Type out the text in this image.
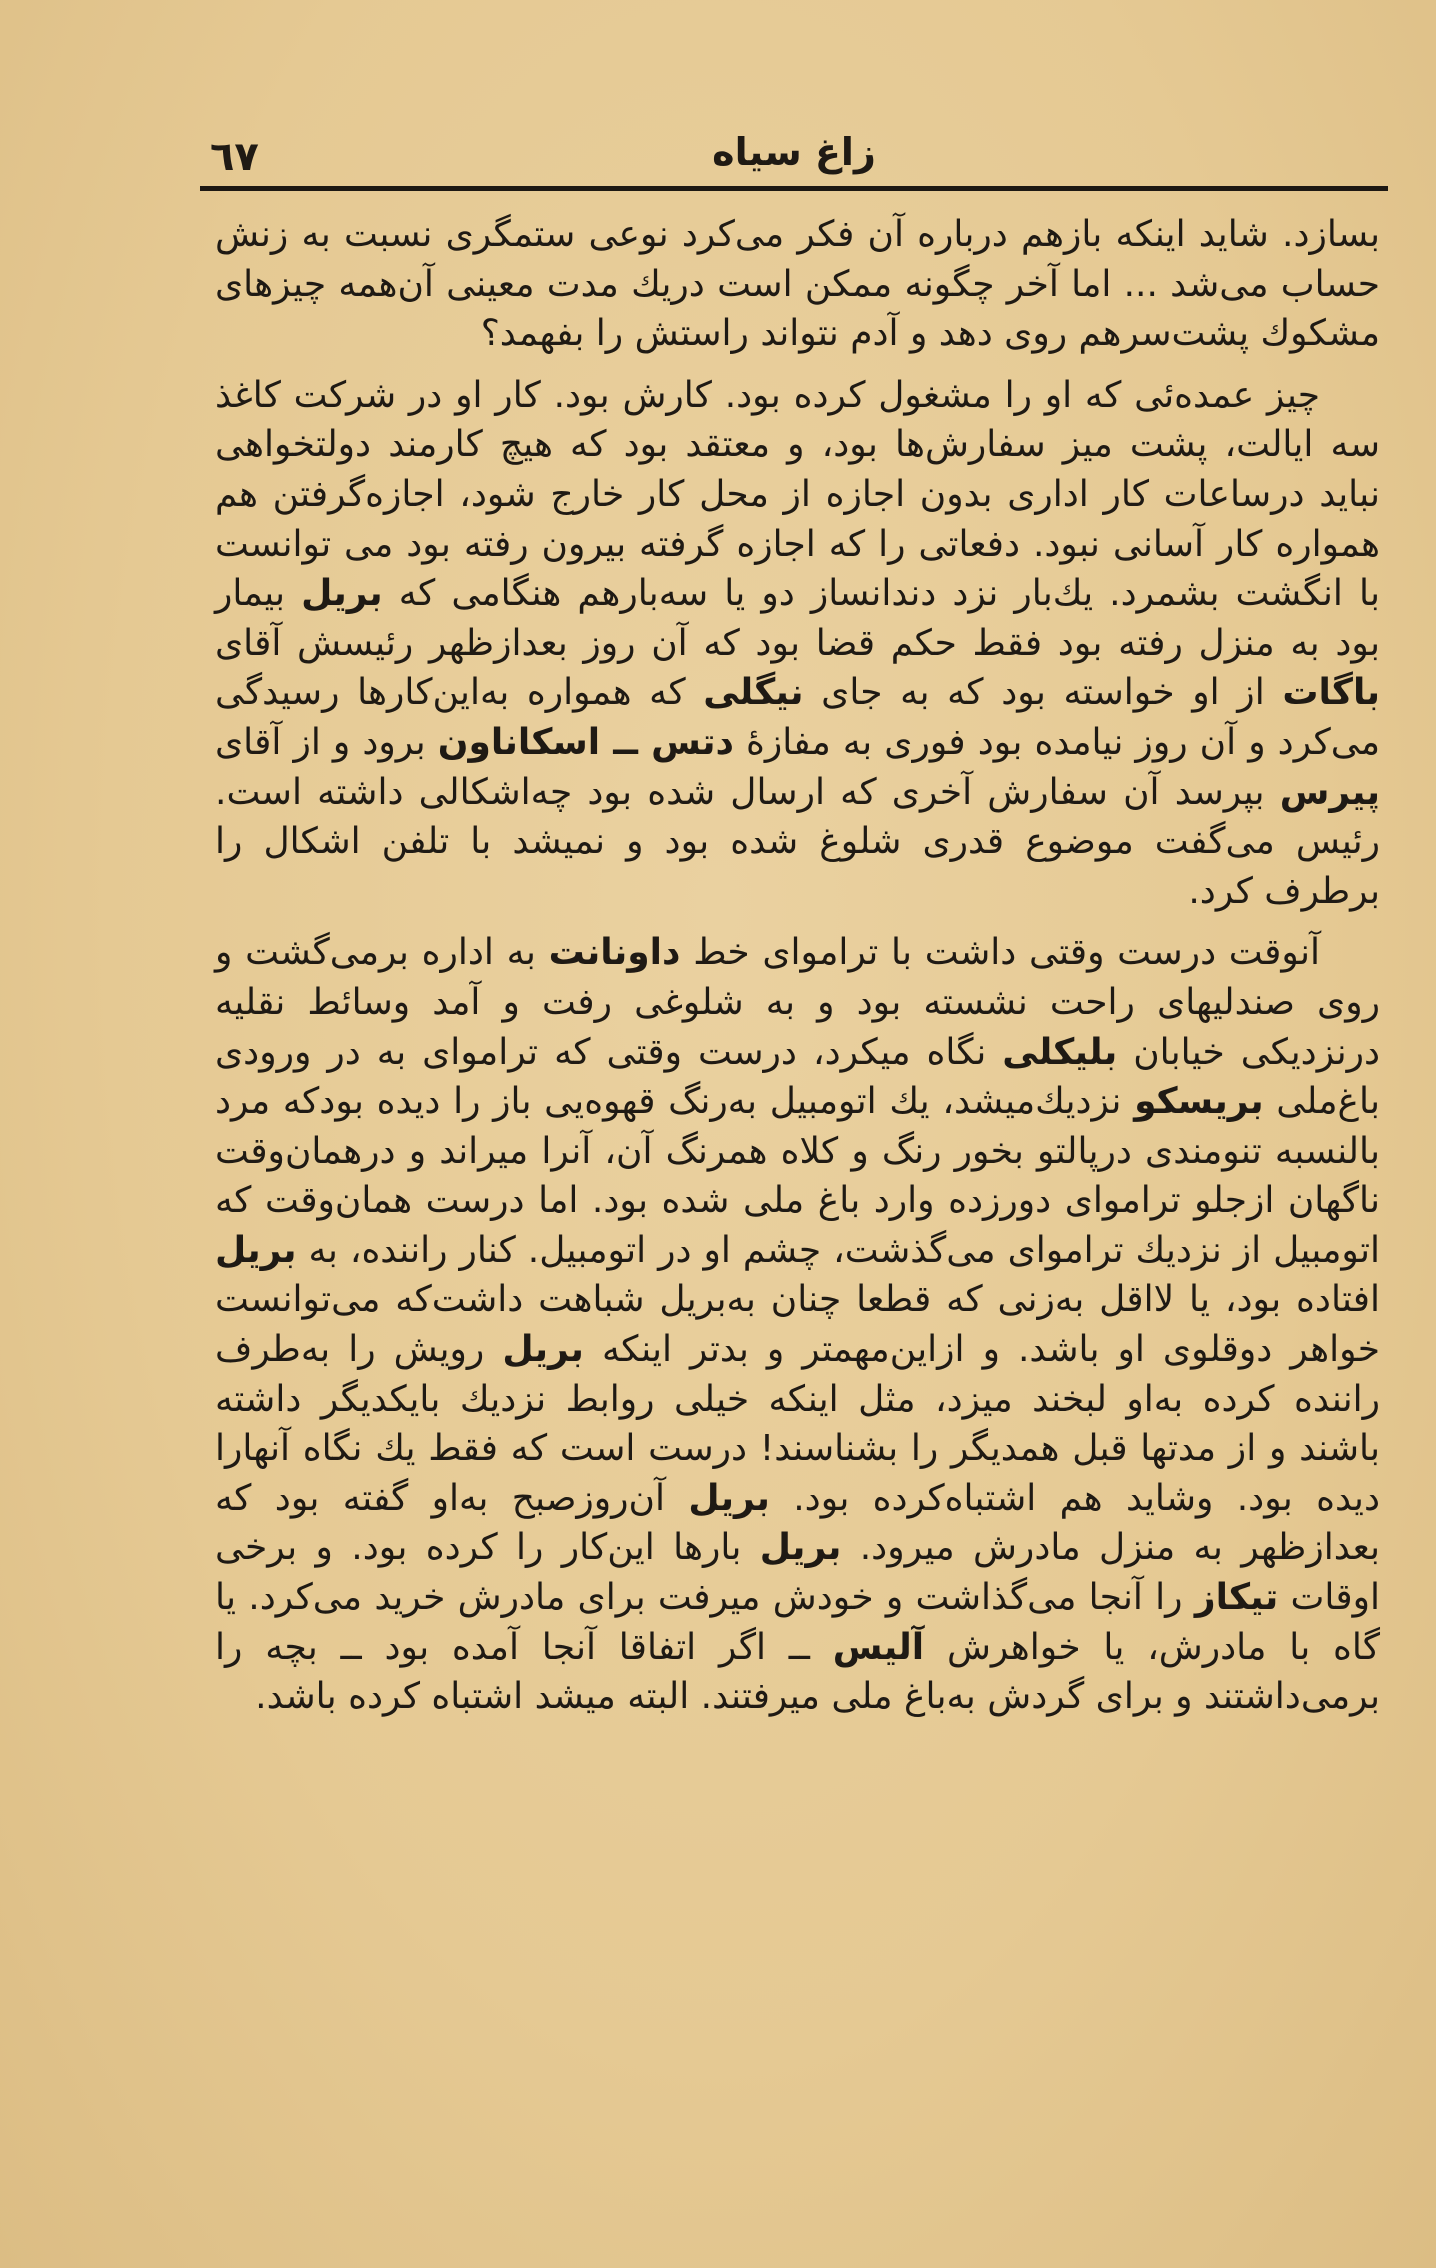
٦٧	زاغ سیاه

بسازد. شاید اینکه بازهم درباره آن فکر می‌کرد نوعی ستمگری نسبت به زنش حساب می‌شد ... اما آخر چگونه ممکن است دریك مدت معینی آن‌همه چیزهای مشکوك پشت‌سرهم روی دهد و آدم نتواند راستش را بفهمد؟

چیز عمده‌ئی که او را مشغول کرده بود. کارش بود. کار او در شرکت کاغذ سه ایالت، پشت میز سفارش‌ها بود، و معتقد بود که هیچ کارمند دولتخواهی نباید درساعات کار اداری بدون اجازه از محل کار خارج شود، اجازه‌گرفتن هم همواره کار آسانی نبود. دفعاتی را که اجازه گرفته بیرون رفته بود می توانست با انگشت بشمرد. یك‌بار نزد دندانساز دو یا سه‌بارهم هنگامی که بریل بیمار بود به منزل رفته بود فقط حکم قضا بود که آن روز بعدازظهر رئیسش آقای باگات از او خواسته بود که به جای نیگلی که همواره به‌این‌کارها رسیدگی می‌کرد و آن روز نیامده بود فوری به مفازهٔ دتس ــ اسکاناون برود و از آقای پیرس بپرسد آن سفارش آخری که ارسال شده بود چه‌اشکالی داشته است. رئیس می‌گفت موضوع قدری شلوغ شده بود و نمیشد با تلفن اشکال را برطرف کرد.

آنوقت درست وقتی داشت با تراموای خط داونانت به اداره برمی‌گشت و روی صندلیهای راحت نشسته بود و به شلوغی رفت و آمد وسائط نقلیه درنزدیکی خیابان بلیکلی نگاه میکرد، درست وقتی که تراموای به در ورودی باغ‌ملی بریسکو نزدیك‌میشد، یك اتومبیل به‌رنگ قهوه‌یی باز را دیده بودکه مرد بالنسبه تنومندی درپالتو بخور رنگ و کلاه همرنگ آن، آنرا میراند و درهمان‌وقت ناگهان ازجلو تراموای دورزده وارد باغ ملی شده بود. اما درست همان‌وقت که اتومبیل از نزدیك تراموای می‌گذشت، چشم او در اتومبیل. کنار راننده، به بریل افتاده بود، یا لااقل به‌زنی که قطعا چنان به‌بریل شباهت داشت‌که می‌توانست خواهر دوقلوی او باشد. و ازاین‌مهمتر و بدتر اینکه بریل رویش را به‌طرف راننده کرده به‌او لبخند میزد، مثل اینکه خیلی روابط نزدیك بایکدیگر داشته باشند و از مدتها قبل همدیگر را بشناسند! درست است که فقط یك نگاه آنهارا دیده بود. وشاید هم اشتباه‌کرده بود. بریل آن‌روزصبح به‌او گفته بود که بعدازظهر به منزل مادرش میرود. بریل بارها این‌کار را کرده بود. و برخی اوقات تیکاز را آنجا می‌گذاشت و خودش میرفت برای مادرش خرید می‌کرد. یا گاه با مادرش، یا خواهرش آلیس ــ اگر اتفاقا آنجا آمده بود ــ بچه را برمی‌داشتند و برای گردش به‌باغ ملی میرفتند. البته میشد اشتباه کرده باشد.
